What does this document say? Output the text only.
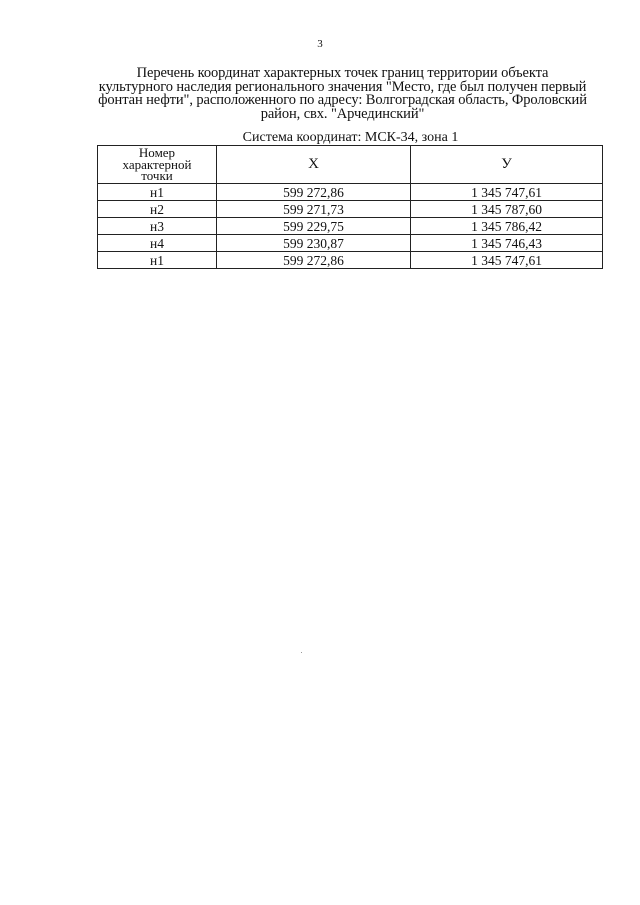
3
Перечень координат характерных точек границ территории объекта
культурного наследия регионального значения "Место, где был получен первый
фонтан нефти", расположенного по адресу: Волгоградская область, Фроловский
район, свх. "Арчединский"
Система координат: МСК-34, зона 1
Номер
характерной
точки	Х	У
н1	599 272,86	1 345 747,61
н2	599 271,73	1 345 787,60
н3	599 229,75	1 345 786,42
н4	599 230,87	1 345 746,43
н1	599 272,86	1 345 747,61
